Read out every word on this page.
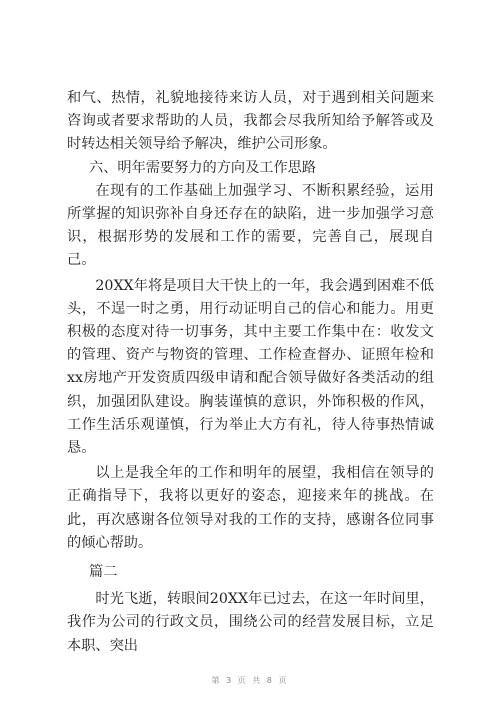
和气、热情，礼貌地接待来访人员，对于遇到相关问题来咨询或者要求帮助的人员，我都会尽我所知给予解答或及时转达相关领导给予解决，维护公司形象。

六、明年需要努力的方向及工作思路

在现有的工作基础上加强学习、不断积累经验，运用所掌握的知识弥补自身还存在的缺陷，进一步加强学习意识，根据形势的发展和工作的需要，完善自己，展现自己。

20XX年将是项目大干快上的一年，我会遇到困难不低头，不逞一时之勇，用行动证明自己的信心和能力。用更积极的态度对待一切事务，其中主要工作集中在：收发文的管理、资产与物资的管理、工作检查督办、证照年检和xx房地产开发资质四级申请和配合领导做好各类活动的组织，加强团队建设。胸装谨慎的意识，外饰积极的作风，工作生活乐观谨慎，行为举止大方有礼，待人待事热情诚恳。

以上是我全年的工作和明年的展望，我相信在领导的正确指导下，我将以更好的姿态，迎接来年的挑战。在此，再次感谢各位领导对我的工作的支持，感谢各位同事的倾心帮助。

篇二

时光飞逝，转眼间20XX年已过去，在这一年时间里，我作为公司的行政文员，围绕公司的经营发展目标，立足本职、突出

第 3 页 共 8 页
